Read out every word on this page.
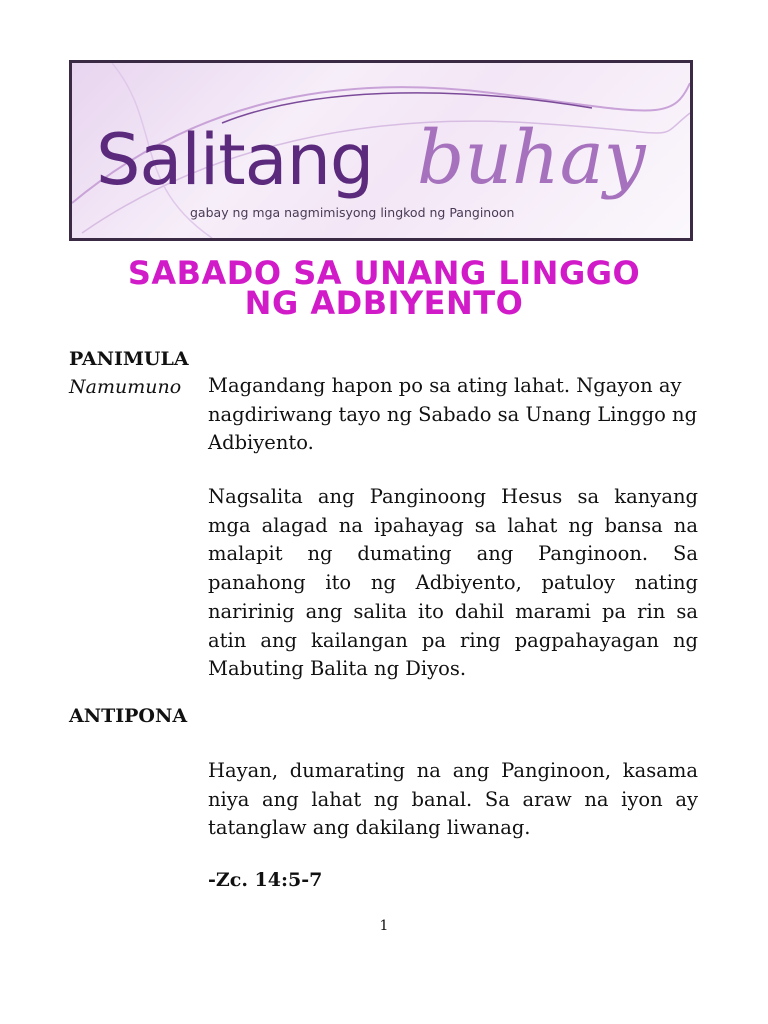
Salitang buhay
gabay ng mga nagmimisyong lingkod ng Panginoon
SABADO SA UNANG LINGGO
NG ADBIYENTO
PANIMULA
Namumuno Magandang hapon po sa ating lahat. Ngayon ay nagdiriwang tayo ng Sabado sa Unang Linggo ng Adbiyento.
Nagsalita ang Panginoong Hesus sa kanyang mga alagad na ipahayag sa lahat ng bansa na malapit ng dumating ang Panginoon. Sa panahong ito ng Adbiyento, patuloy nating naririnig ang salita ito dahil marami pa rin sa atin ang kailangan pa ring pagpahayagan ng Mabuting Balita ng Diyos.
ANTIPONA
Hayan, dumarating na ang Panginoon, kasama niya ang lahat ng banal. Sa araw na iyon ay tatanglaw ang dakilang liwanag.
-Zc. 14:5-7
1
